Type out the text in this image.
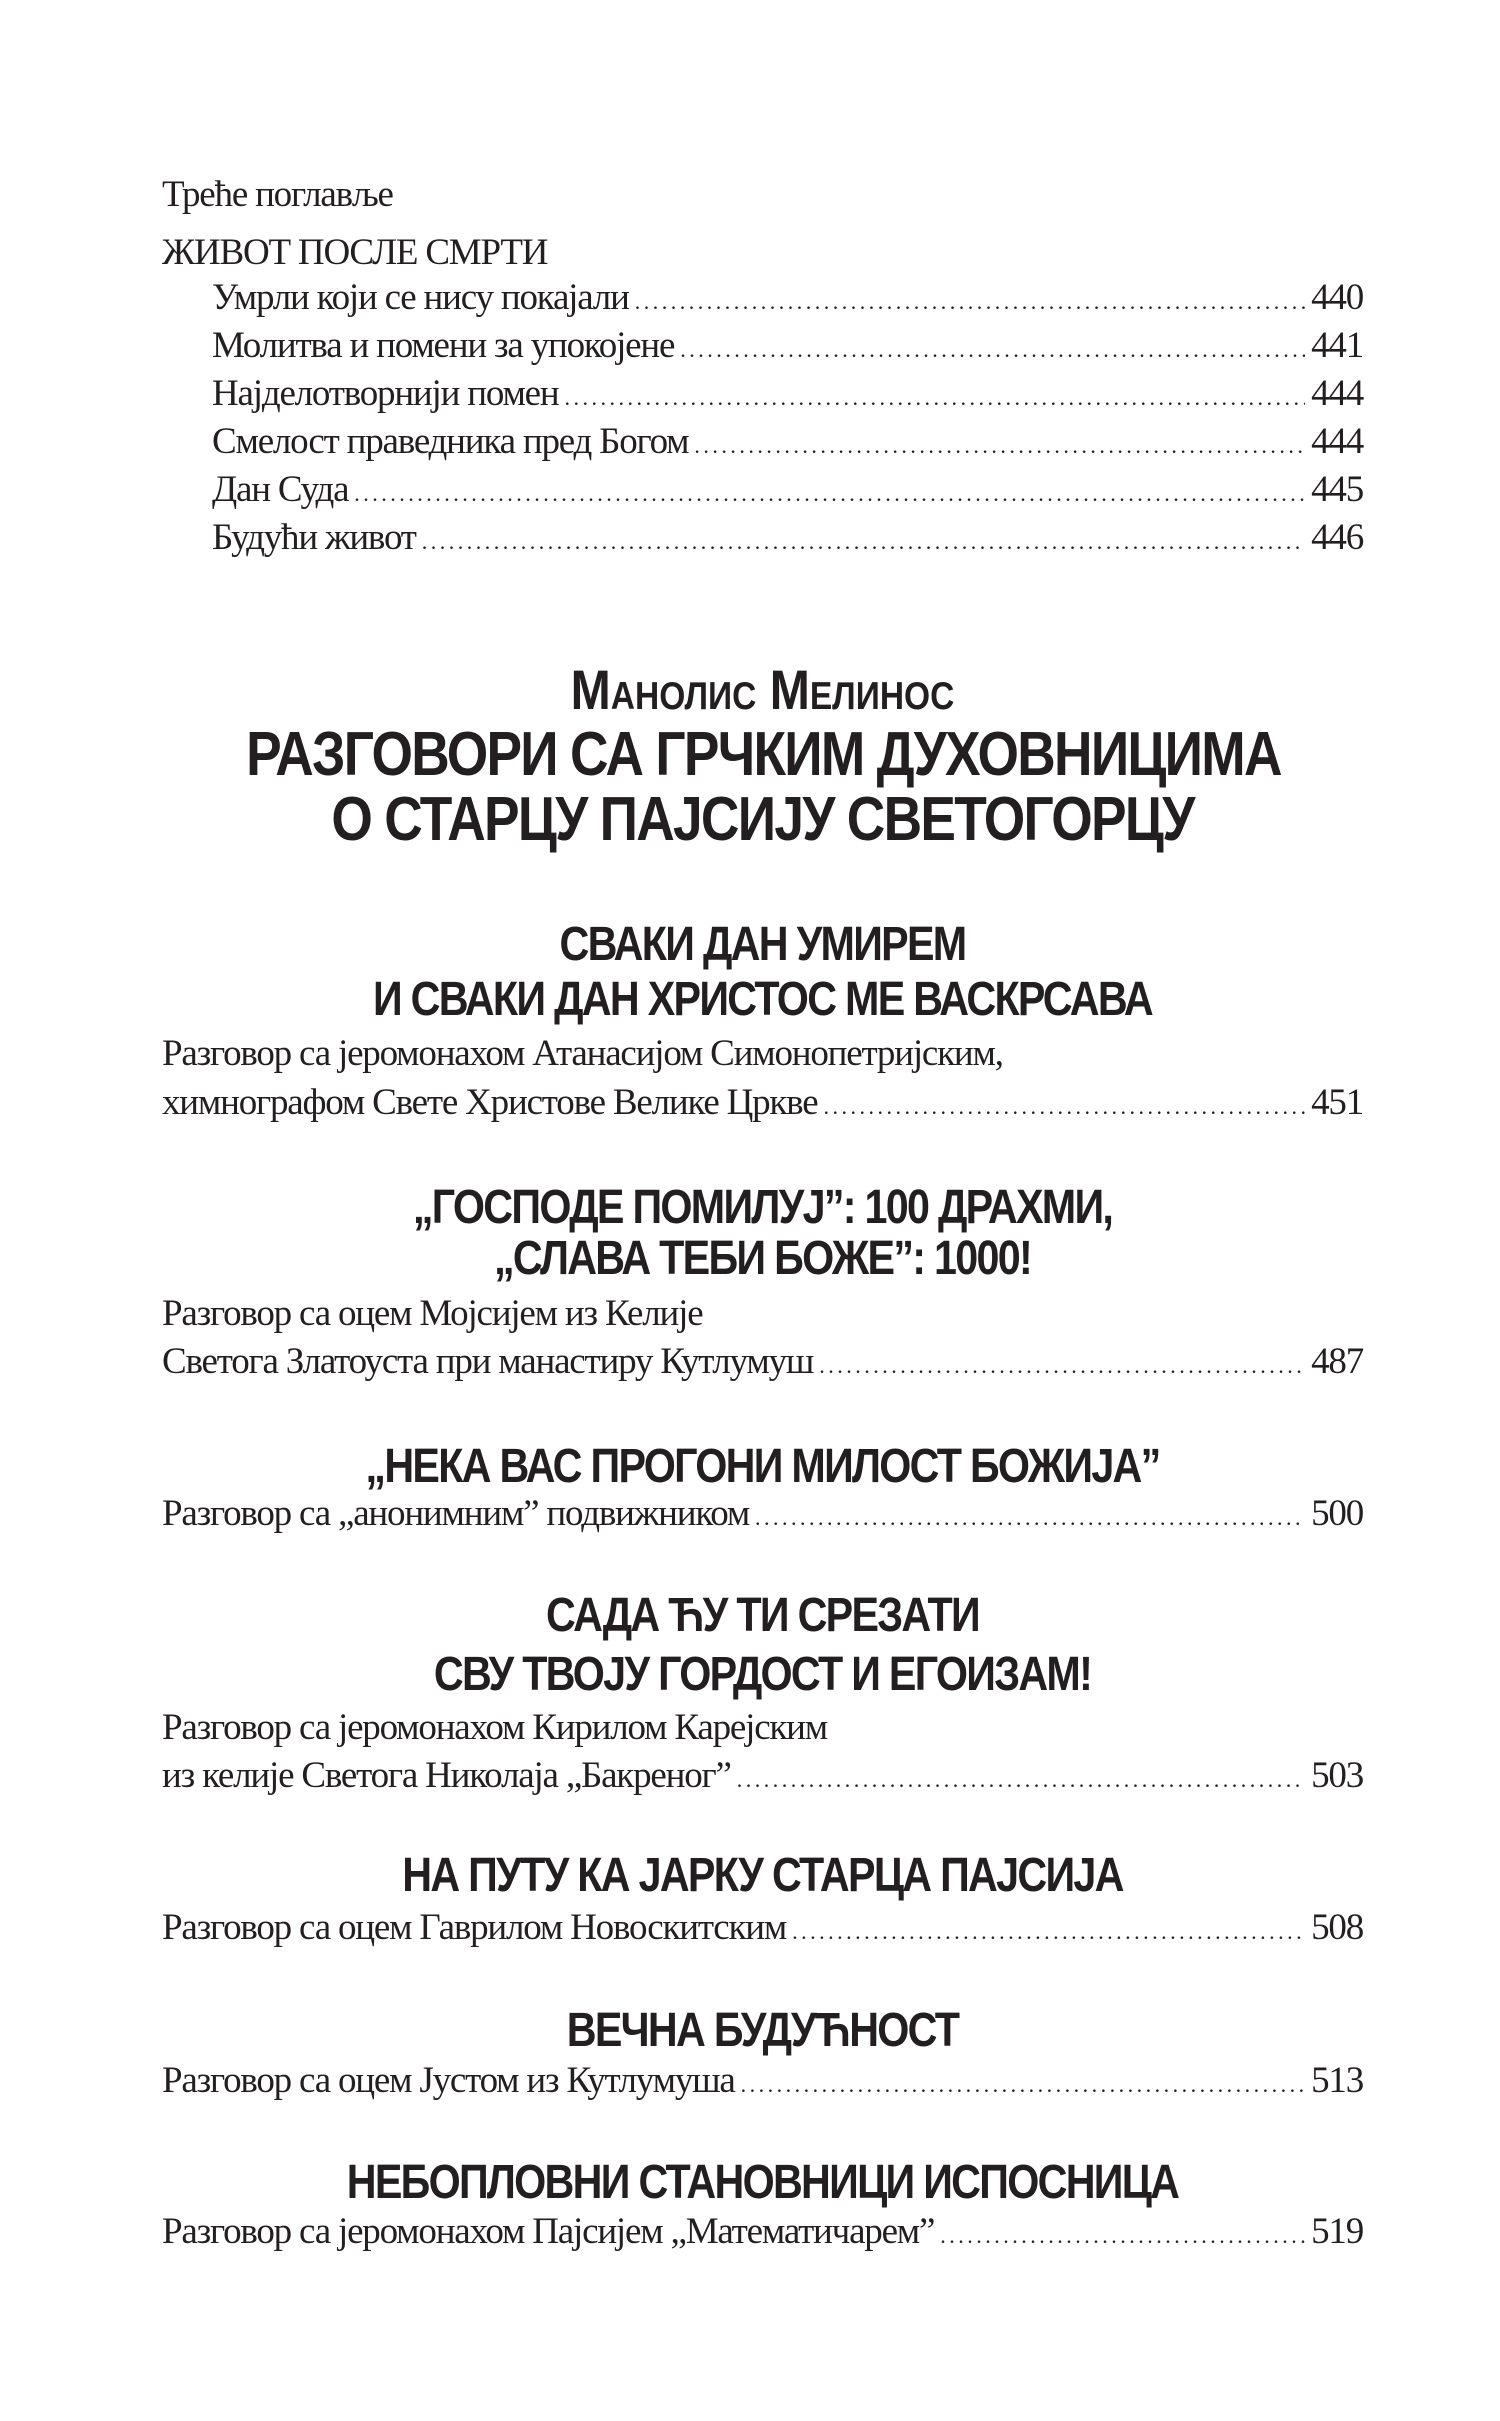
Треће поглавље
ЖИВОТ ПОСЛЕ СМРТИ
Умрли који се нису покајали . . .	440
Молитва и помени за упокојене . . .	441
Најделотворнији помен . . .	444
Смелост праведника пред Богом . . .	444
Дан Суда . . .	445
Будући живот . . .	446
Манолис Мелинос
РАЗГОВОРИ СА ГРЧКИМ ДУХОВНИЦИМА
О СТАРЦУ ПАЈСИЈУ СВЕТОГОРЦУ
СВАКИ ДАН УМИРЕМ
И СВАКИ ДАН ХРИСТОС МЕ ВАСКРСАВА
Разговор са јеромонахом Атанасијом Симонопетријским,
химнографом Свете Христове Велике Цркве . . .	451
„ГОСПОДЕ ПОМИЛУЈ”: 100 ДРАХМИ,
„СЛАВА ТЕБИ БОЖЕ”: 1000!
Разговор са оцем Мојсијем из Келије
Светога Златоуста при манастиру Кутлумуш . . .	487
„НЕКА ВАС ПРОГОНИ МИЛОСТ БОЖИЈА”
Разговор са „анонимним” подвижником . . .	500
САДА ЋУ ТИ СРЕЗАТИ
СВУ ТВОЈУ ГОРДОСТ И ЕГОИЗАМ!
Разговор са јеромонахом Кирилом Карејским
из келије Светога Николаја „Бакреног” . . .	503
НА ПУТУ КА ЈАРКУ СТАРЦА ПАЈСИЈА
Разговор са оцем Гаврилом Новоскитским . . .	508
ВЕЧНА БУДУЋНОСТ
Разговор са оцем Јустом из Кутлумуша . . .	513
НЕБОПЛОВНИ СТАНОВНИЦИ ИСПОСНИЦА
Разговор са јеромонахом Пајсијем „Математичарем” . . .	519
